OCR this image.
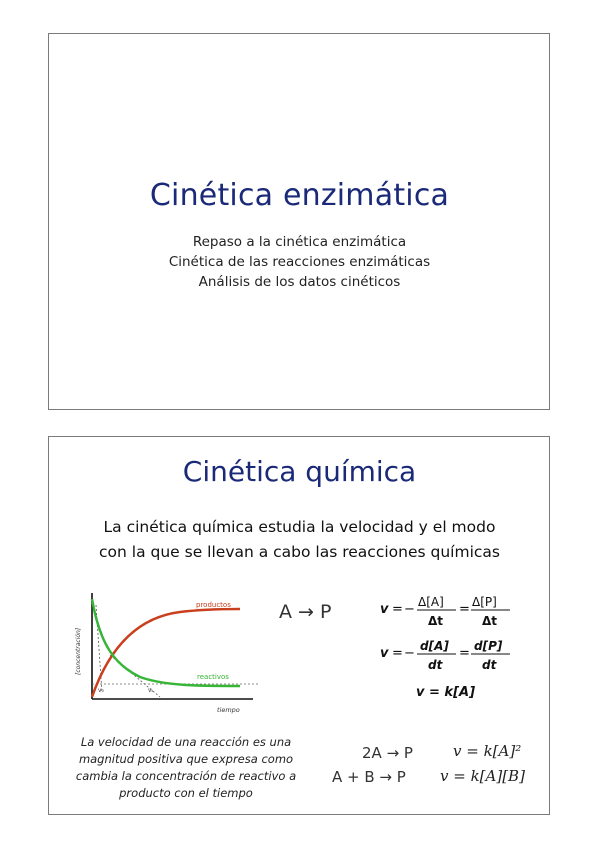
Cinética enzimática
Repaso a la cinética enzimática
Cinética de las reacciones enzimáticas
Análisis de los datos cinéticos
Cinética química
La cinética química estudia la velocidad y el modo
con la que se llevan a cabo las reacciones químicas
[concentración]
tiempo
productos
reactivos
v₀	vₜ
A → P	v = − Δ[A]
Δt
= Δ[P]
Δt
v = − d[A]
dt
= d[P]
dt
v = k[A]
La velocidad de una reacción es una magnitud positiva que expresa como cambia la concentración de reactivo a producto con el tiempo
2A → P	v = k[A]²
A + B → P v = k[A][B]
